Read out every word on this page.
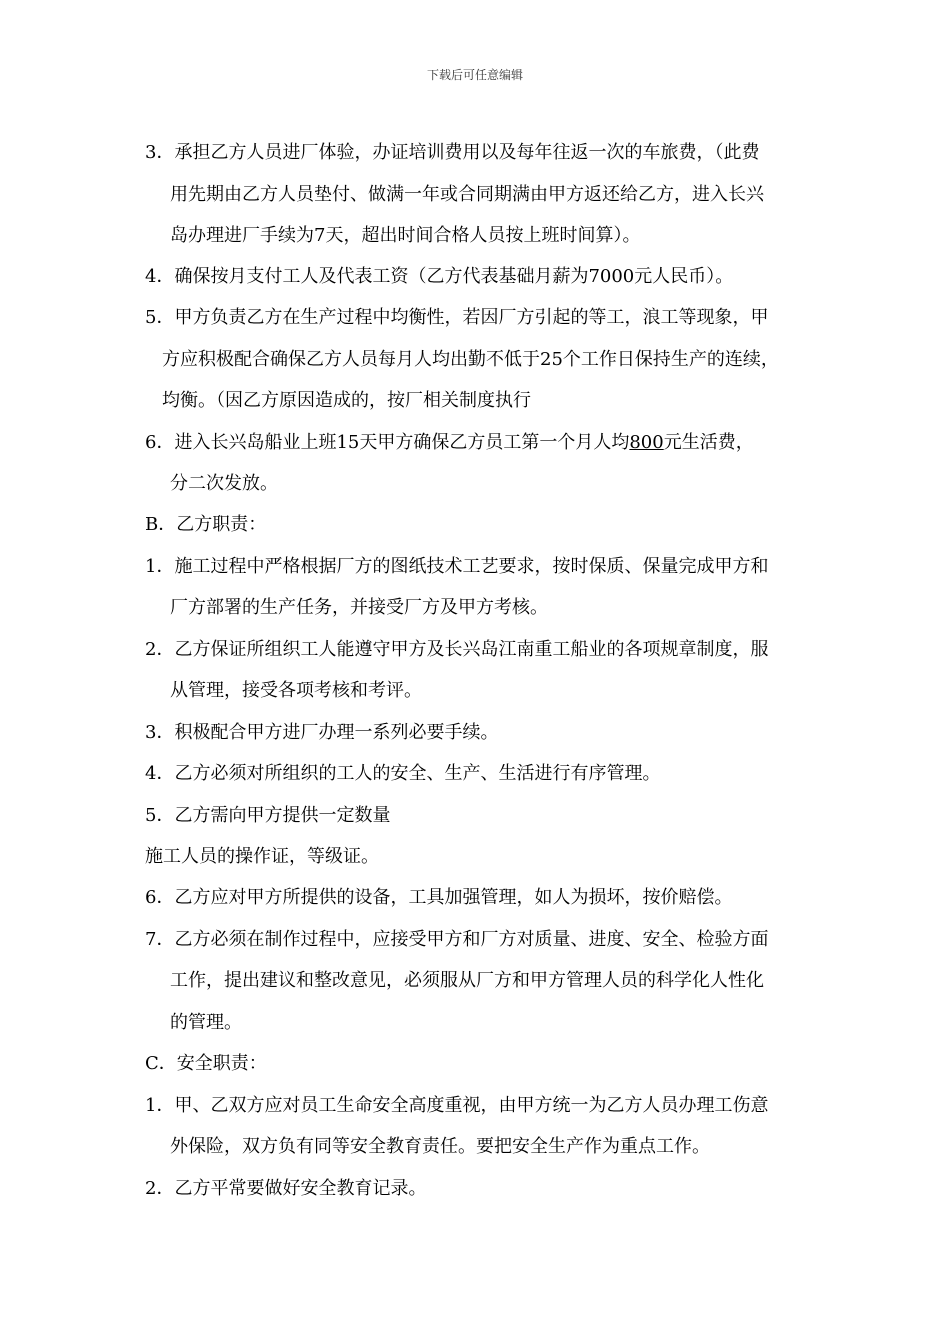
下载后可任意编辑
3．承担乙方人员进厂体验，办证培训费用以及每年往返一次的车旅费，（此费
用先期由乙方人员垫付、做满一年或合同期满由甲方返还给乙方，进入长兴
岛办理进厂手续为7天，超出时间合格人员按上班时间算）。
4．确保按月支付工人及代表工资（乙方代表基础月薪为7000元人民币）。
5．甲方负责乙方在生产过程中均衡性，若因厂方引起的等工，浪工等现象，甲
方应积极配合确保乙方人员每月人均出勤不低于25个工作日保持生产的连续，
均衡。（因乙方原因造成的，按厂相关制度执行
6．进入长兴岛船业上班15天甲方确保乙方员工第一个月人均800元生活费，
分二次发放。
B．乙方职责：
1．施工过程中严格根据厂方的图纸技术工艺要求，按时保质、保量完成甲方和
厂方部署的生产任务，并接受厂方及甲方考核。
2．乙方保证所组织工人能遵守甲方及长兴岛江南重工船业的各项规章制度，服
从管理，接受各项考核和考评。
3．积极配合甲方进厂办理一系列必要手续。
4．乙方必须对所组织的工人的安全、生产、生活进行有序管理。
5．乙方需向甲方提供一定数量
施工人员的操作证，等级证。
6．乙方应对甲方所提供的设备，工具加强管理，如人为损坏，按价赔偿。
7．乙方必须在制作过程中，应接受甲方和厂方对质量、进度、安全、检验方面
工作，提出建议和整改意见，必须服从厂方和甲方管理人员的科学化人性化
的管理。
C．安全职责：
1．甲、乙双方应对员工生命安全高度重视，由甲方统一为乙方人员办理工伤意
外保险，双方负有同等安全教育责任。要把安全生产作为重点工作。
2．乙方平常要做好安全教育记录。
